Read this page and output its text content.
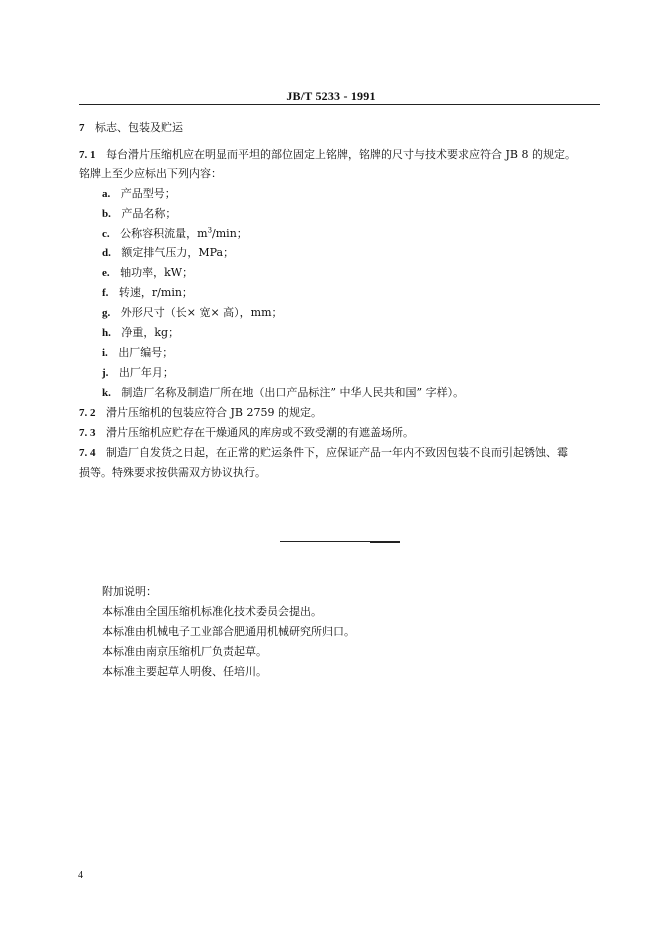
JB/T 5233 - 1991
7 标志、包装及贮运
7. 1 每台滑片压缩机应在明显而平坦的部位固定上铭牌，铭牌的尺寸与技术要求应符合 JB 8 的规定。
铭牌上至少应标出下列内容：
a. 产品型号；
b. 产品名称；
c. 公称容积流量，$m^3/\min$；
d. 额定排气压力，MPa；
e. 轴功率，kW；
f. 转速，r/min；
g. 外形尺寸（长× 宽× 高），mm；
h. 净重，kg；
i. 出厂编号；
j. 出厂年月；
k. 制造厂名称及制造厂所在地（出口产品标注” 中华人民共和国” 字样）。
7. 2 滑片压缩机的包装应符合 JB 2759 的规定。
7. 3 滑片压缩机应贮存在干燥通风的库房或不致受潮的有遮盖场所。
7. 4 制造厂自发货之日起，在正常的贮运条件下，应保证产品一年内不致因包装不良而引起锈蚀、霉
损等。特殊要求按供需双方协议执行。
附加说明：
本标准由全国压缩机标准化技术委员会提出。
本标准由机械电子工业部合肥通用机械研究所归口。
本标准由南京压缩机厂负责起草。
本标准主要起草人明俊、任培川。
4
